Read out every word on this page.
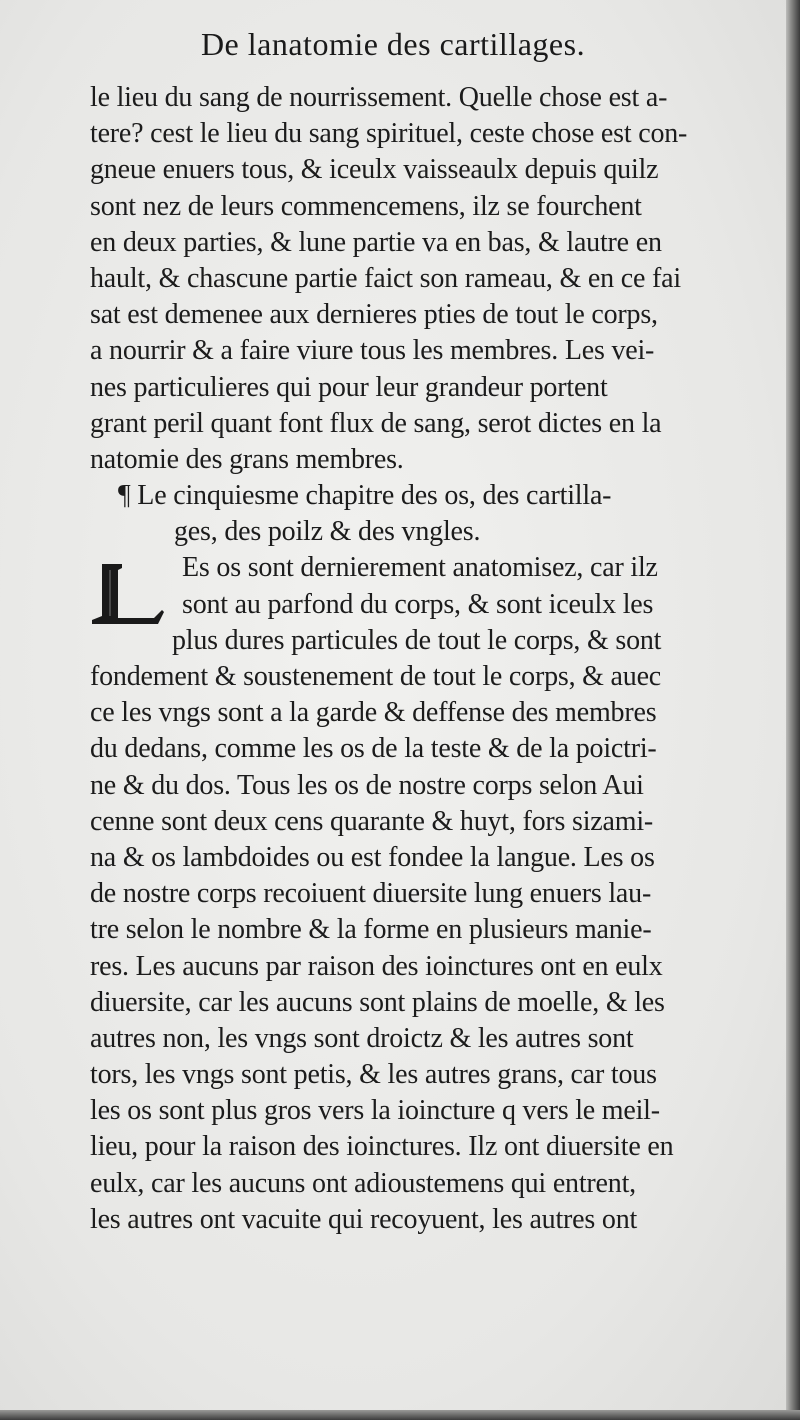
De lanatomie des cartillages.
le lieu du sang de nourrissement. Quelle chose est a-
tere? cest le lieu du sang spirituel, ceste chose est con-
gneue enuers tous, & iceulx vaisseaulx depuis quilz
sont nez de leurs commencemens, ilz se fourchent
en deux parties, & lune partie va en bas, & lautre en
hault, & chascune partie faict son rameau, & en ce fai
sat est demenee aux dernieres pties de tout le corps,
a nourrir & a faire viure tous les membres. Les vei-
nes particulieres qui pour leur grandeur portent
grant peril quant font flux de sang, serot dictes en la
natomie des grans membres.
¶ Le cinquiesme chapitre des os, des cartilla-
ges, des poilz & des vngles.
Es os sont dernierement anatomisez, car ilz
sont au parfond du corps, & sont iceulx les
plus dures particules de tout le corps, & sont
fondement & soustenement de tout le corps, & auec
ce les vngs sont a la garde & deffense des membres
du dedans, comme les os de la teste & de la poictri-
ne & du dos. Tous les os de nostre corps selon Aui
cenne sont deux cens quarante & huyt, fors sizami-
na & os lambdoides ou est fondee la langue. Les os
de nostre corps recoiuent diuersite lung enuers lau-
tre selon le nombre & la forme en plusieurs manie-
res. Les aucuns par raison des ioinctures ont en eulx
diuersite, car les aucuns sont plains de moelle, & les
autres non, les vngs sont droictz & les autres sont
tors, les vngs sont petis, & les autres grans, car tous
les os sont plus gros vers la ioincture q vers le meil-
lieu, pour la raison des ioinctures. Ilz ont diuersite en
eulx, car les aucuns ont adioustemens qui entrent,
les autres ont vacuite qui recoyuent, les autres ont
